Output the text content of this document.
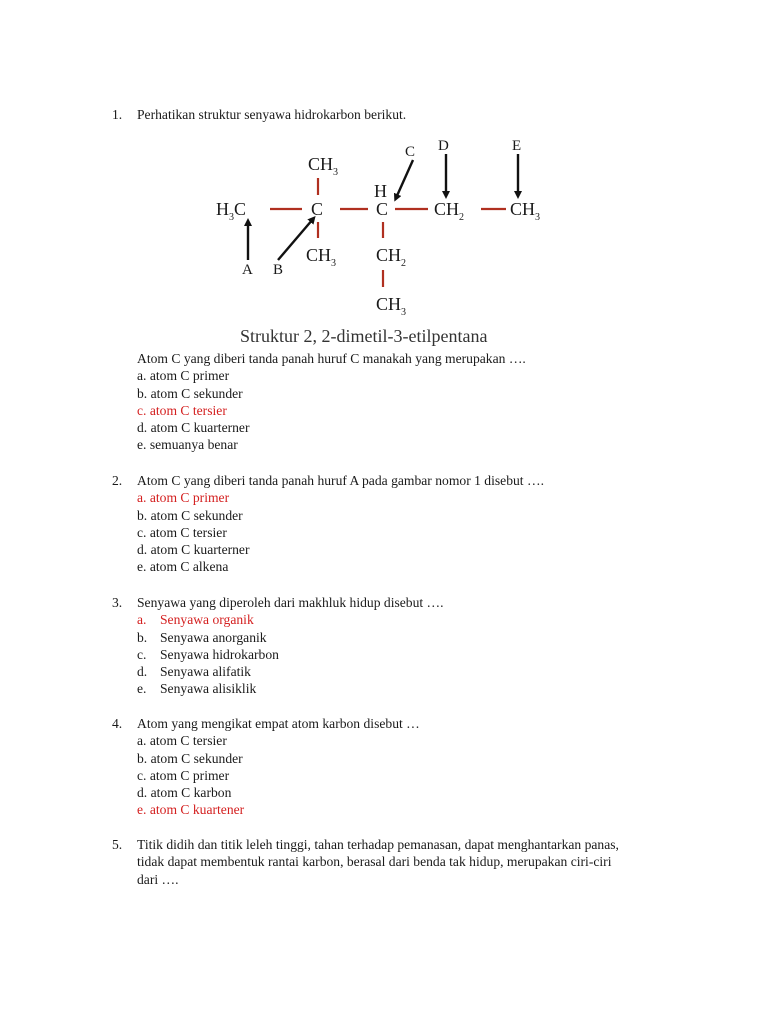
1. Perhatikan struktur senyawa hidrokarbon berikut.
$H_3C$	C	C
$CH_3$
$CH_3$
H
$CH_2$	$CH_3$
$CH_2$
$CH_3$
A B
C D	E
Struktur 2, 2-dimetil-3-etilpentana
Atom C yang diberi tanda panah huruf C manakah yang merupakan ….
a. atom C primer
b. atom C sekunder
c. atom C tersier
d. atom C kuarterner
e. semuanya benar
2. Atom C yang diberi tanda panah huruf A pada gambar nomor 1 disebut ….
a. atom C primer
b. atom C sekunder
c. atom C tersier
d. atom C kuarterner
e. atom C alkena
3. Senyawa yang diperoleh dari makhluk hidup disebut ….
a. Senyawa organik
b. Senyawa anorganik
c. Senyawa hidrokarbon
d. Senyawa alifatik
e. Senyawa alisiklik
4. Atom yang mengikat empat atom karbon disebut …
a. atom C tersier
b. atom C sekunder
c. atom C primer
d. atom C karbon
e. atom C kuartener
5. Titik didih dan titik leleh tinggi, tahan terhadap pemanasan, dapat menghantarkan panas,
tidak dapat membentuk rantai karbon, berasal dari benda tak hidup, merupakan ciri-ciri
dari ….
